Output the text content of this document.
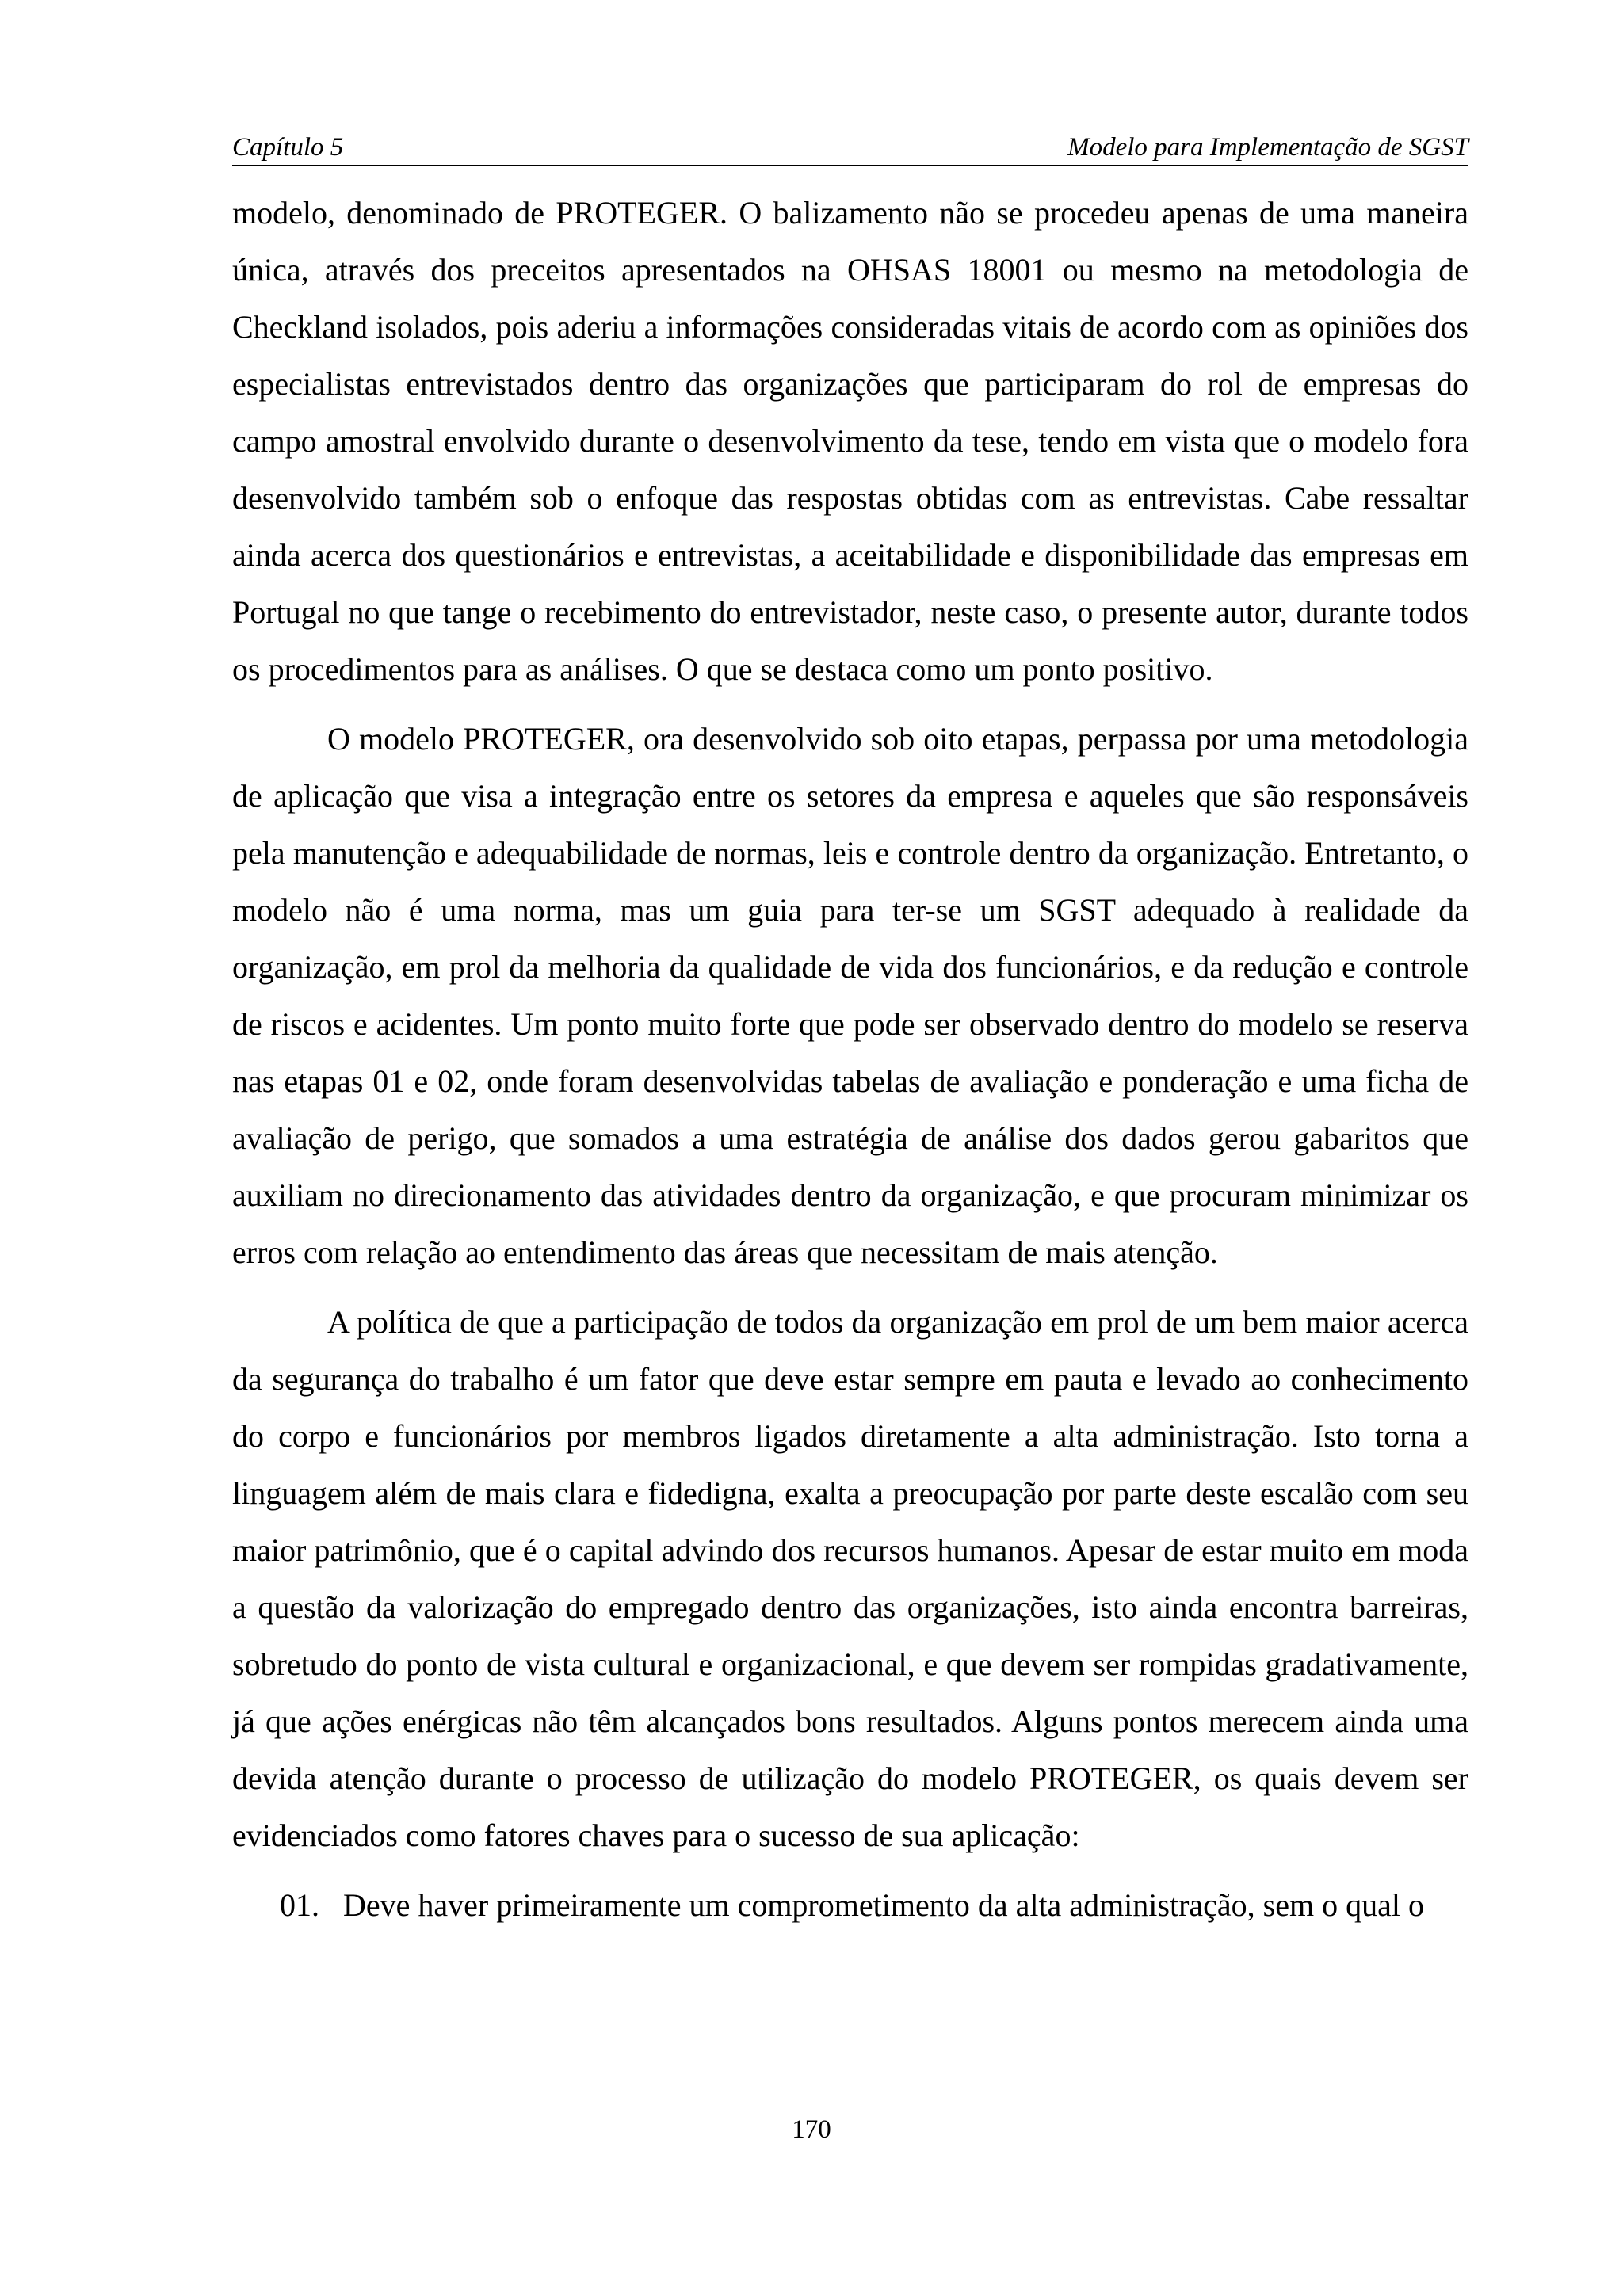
Capítulo 5	Modelo para Implementação de SGST

modelo, denominado de PROTEGER. O balizamento não se procedeu apenas de uma maneira única, através dos preceitos apresentados na OHSAS 18001 ou mesmo na metodologia de Checkland isolados, pois aderiu a informações consideradas vitais de acordo com as opiniões dos especialistas entrevistados dentro das organizações que participaram do rol de empresas do campo amostral envolvido durante o desenvolvimento da tese, tendo em vista que o modelo fora desenvolvido também sob o enfoque das respostas obtidas com as entrevistas. Cabe ressaltar ainda acerca dos questionários e entrevistas, a aceitabilidade e disponibilidade das empresas em Portugal no que tange o recebimento do entrevistador, neste caso, o presente autor, durante todos os procedimentos para as análises. O que se destaca como um ponto positivo.

O modelo PROTEGER, ora desenvolvido sob oito etapas, perpassa por uma metodologia de aplicação que visa a integração entre os setores da empresa e aqueles que são responsáveis pela manutenção e adequabilidade de normas, leis e controle dentro da organização. Entretanto, o modelo não é uma norma, mas um guia para ter-se um SGST adequado à realidade da organização, em prol da melhoria da qualidade de vida dos funcionários, e da redução e controle de riscos e acidentes. Um ponto muito forte que pode ser observado dentro do modelo se reserva nas etapas 01 e 02, onde foram desenvolvidas tabelas de avaliação e ponderação e uma ficha de avaliação de perigo, que somados a uma estratégia de análise dos dados gerou gabaritos que auxiliam no direcionamento das atividades dentro da organização, e que procuram minimizar os erros com relação ao entendimento das áreas que necessitam de mais atenção.

A política de que a participação de todos da organização em prol de um bem maior acerca da segurança do trabalho é um fator que deve estar sempre em pauta e levado ao conhecimento do corpo e funcionários por membros ligados diretamente a alta administração. Isto torna a linguagem além de mais clara e fidedigna, exalta a preocupação por parte deste escalão com seu maior patrimônio, que é o capital advindo dos recursos humanos. Apesar de estar muito em moda a questão da valorização do empregado dentro das organizações, isto ainda encontra barreiras, sobretudo do ponto de vista cultural e organizacional, e que devem ser rompidas gradativamente, já que ações enérgicas não têm alcançados bons resultados. Alguns pontos merecem ainda uma devida atenção durante o processo de utilização do modelo PROTEGER, os quais devem ser evidenciados como fatores chaves para o sucesso de sua aplicação:

01. Deve haver primeiramente um comprometimento da alta administração, sem o qual o

170
